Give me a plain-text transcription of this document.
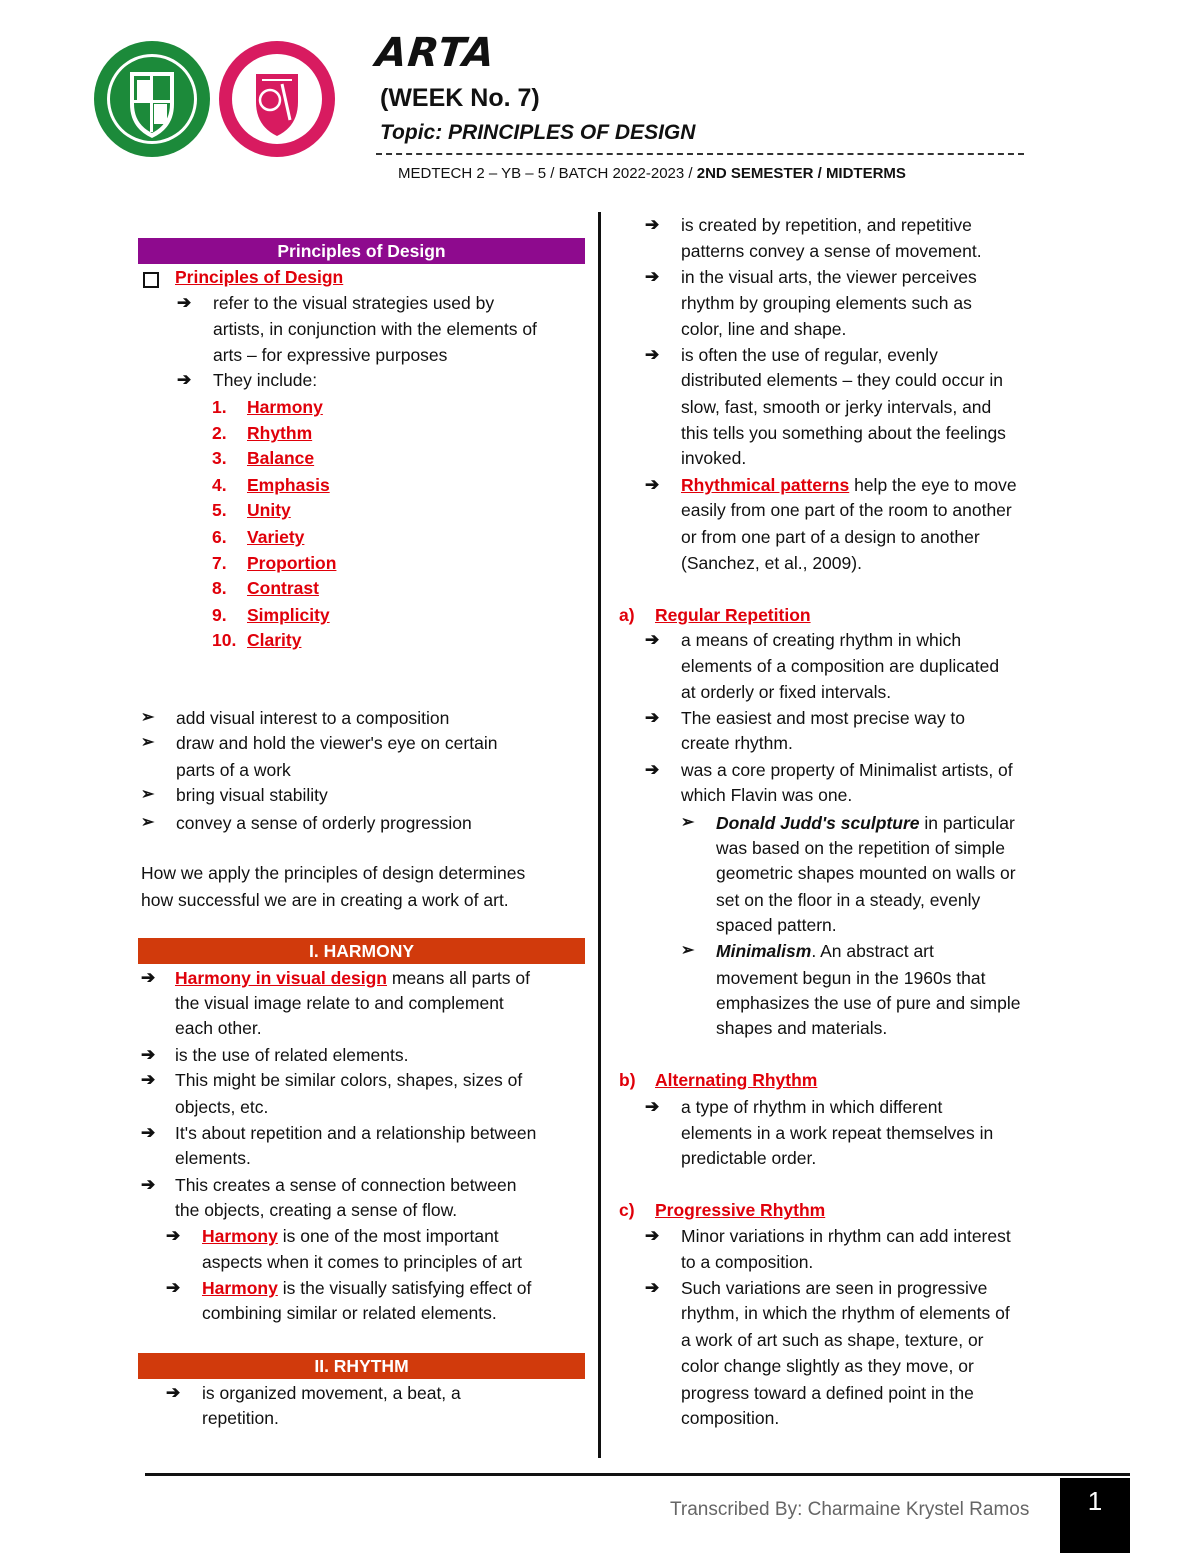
ARTA
(WEEK No. 7)
Topic: PRINCIPLES OF DESIGN
MEDTECH 2 – YB – 5 / BATCH 2022-2023 / 2ND SEMESTER / MIDTERMS
Principles of Design
Principles of Design
➔ refer to the visual strategies used by
artists, in conjunction with the elements of
arts – for expressive purposes
➔ They include:
1. Harmony
2. Rhythm
3. Balance
4. Emphasis
5. Unity
6. Variety
7. Proportion
8. Contrast
9. Simplicity
10. Clarity
➢ add visual interest to a composition
➢ draw and hold the viewer's eye on certain
parts of a work
➢ bring visual stability
➢ convey a sense of orderly progression
How we apply the principles of design determines
how successful we are in creating a work of art.
I. HARMONY
➔ Harmony in visual design means all parts of
the visual image relate to and complement
each other.
➔ is the use of related elements.
➔ This might be similar colors, shapes, sizes of
objects, etc.
➔ It's about repetition and a relationship between
elements.
➔ This creates a sense of connection between
the objects, creating a sense of flow.
➔ Harmony is one of the most important
aspects when it comes to principles of art
➔ Harmony is the visually satisfying effect of
combining similar or related elements.
II. RHYTHM
➔ is organized movement, a beat, a
repetition.
➔ is created by repetition, and repetitive
patterns convey a sense of movement.
➔ in the visual arts, the viewer perceives
rhythm by grouping elements such as
color, line and shape.
➔ is often the use of regular, evenly
distributed elements – they could occur in
slow, fast, smooth or jerky intervals, and
this tells you something about the feelings
invoked.
➔ Rhythmical patterns help the eye to move
easily from one part of the room to another
or from one part of a design to another
(Sanchez, et al., 2009).
a) Regular Repetition
➔ a means of creating rhythm in which
elements of a composition are duplicated
at orderly or fixed intervals.
➔ The easiest and most precise way to
create rhythm.
➔ was a core property of Minimalist artists, of
which Flavin was one.
➢ Donald Judd's sculpture in particular
was based on the repetition of simple
geometric shapes mounted on walls or
set on the floor in a steady, evenly
spaced pattern.
➢ Minimalism. An abstract art
movement begun in the 1960s that
emphasizes the use of pure and simple
shapes and materials.
b) Alternating Rhythm
➔ a type of rhythm in which different
elements in a work repeat themselves in
predictable order.
c) Progressive Rhythm
➔ Minor variations in rhythm can add interest
to a composition.
➔ Such variations are seen in progressive
rhythm, in which the rhythm of elements of
a work of art such as shape, texture, or
color change slightly as they move, or
progress toward a defined point in the
composition.
Transcribed By: Charmaine Krystel Ramos	1
